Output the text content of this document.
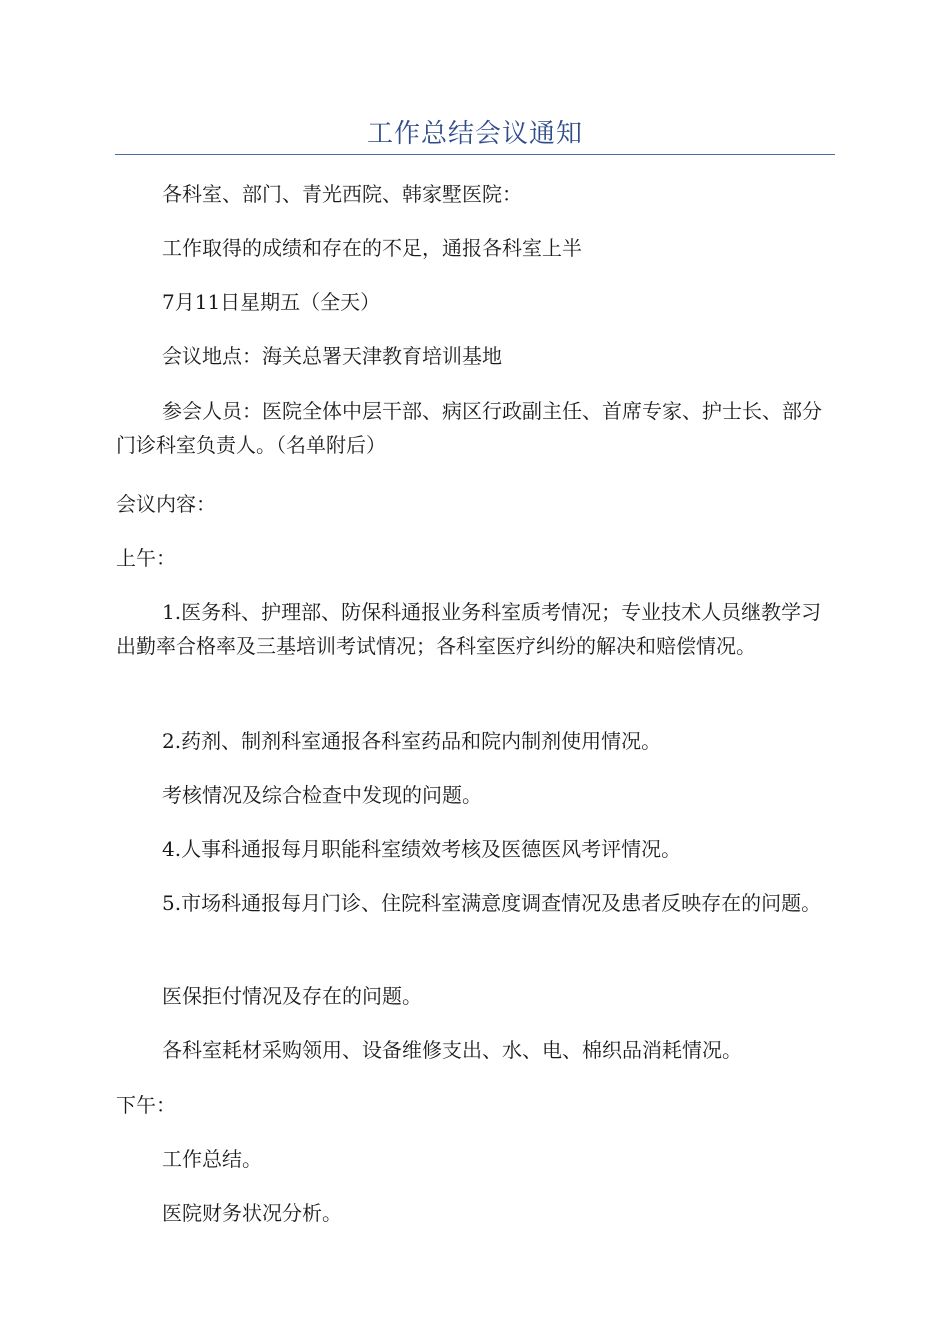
工作总结会议通知

各科室、部门、青光西院、韩家墅医院：

工作取得的成绩和存在的不足，通报各科室上半

7月11日星期五（全天）

会议地点：海关总署天津教育培训基地

参会人员：医院全体中层干部、病区行政副主任、首席专家、护士长、部分门诊科室负责人。（名单附后）

会议内容：

上午：

1.医务科、护理部、防保科通报业务科室质考情况；专业技术人员继教学习出勤率合格率及三基培训考试情况；各科室医疗纠纷的解决和赔偿情况。

2.药剂、制剂科室通报各科室药品和院内制剂使用情况。

考核情况及综合检查中发现的问题。

4.人事科通报每月职能科室绩效考核及医德医风考评情况。

5.市场科通报每月门诊、住院科室满意度调查情况及患者反映存在的问题。

医保拒付情况及存在的问题。

各科室耗材采购领用、设备维修支出、水、电、棉织品消耗情况。

下午：

工作总结。

医院财务状况分析。
